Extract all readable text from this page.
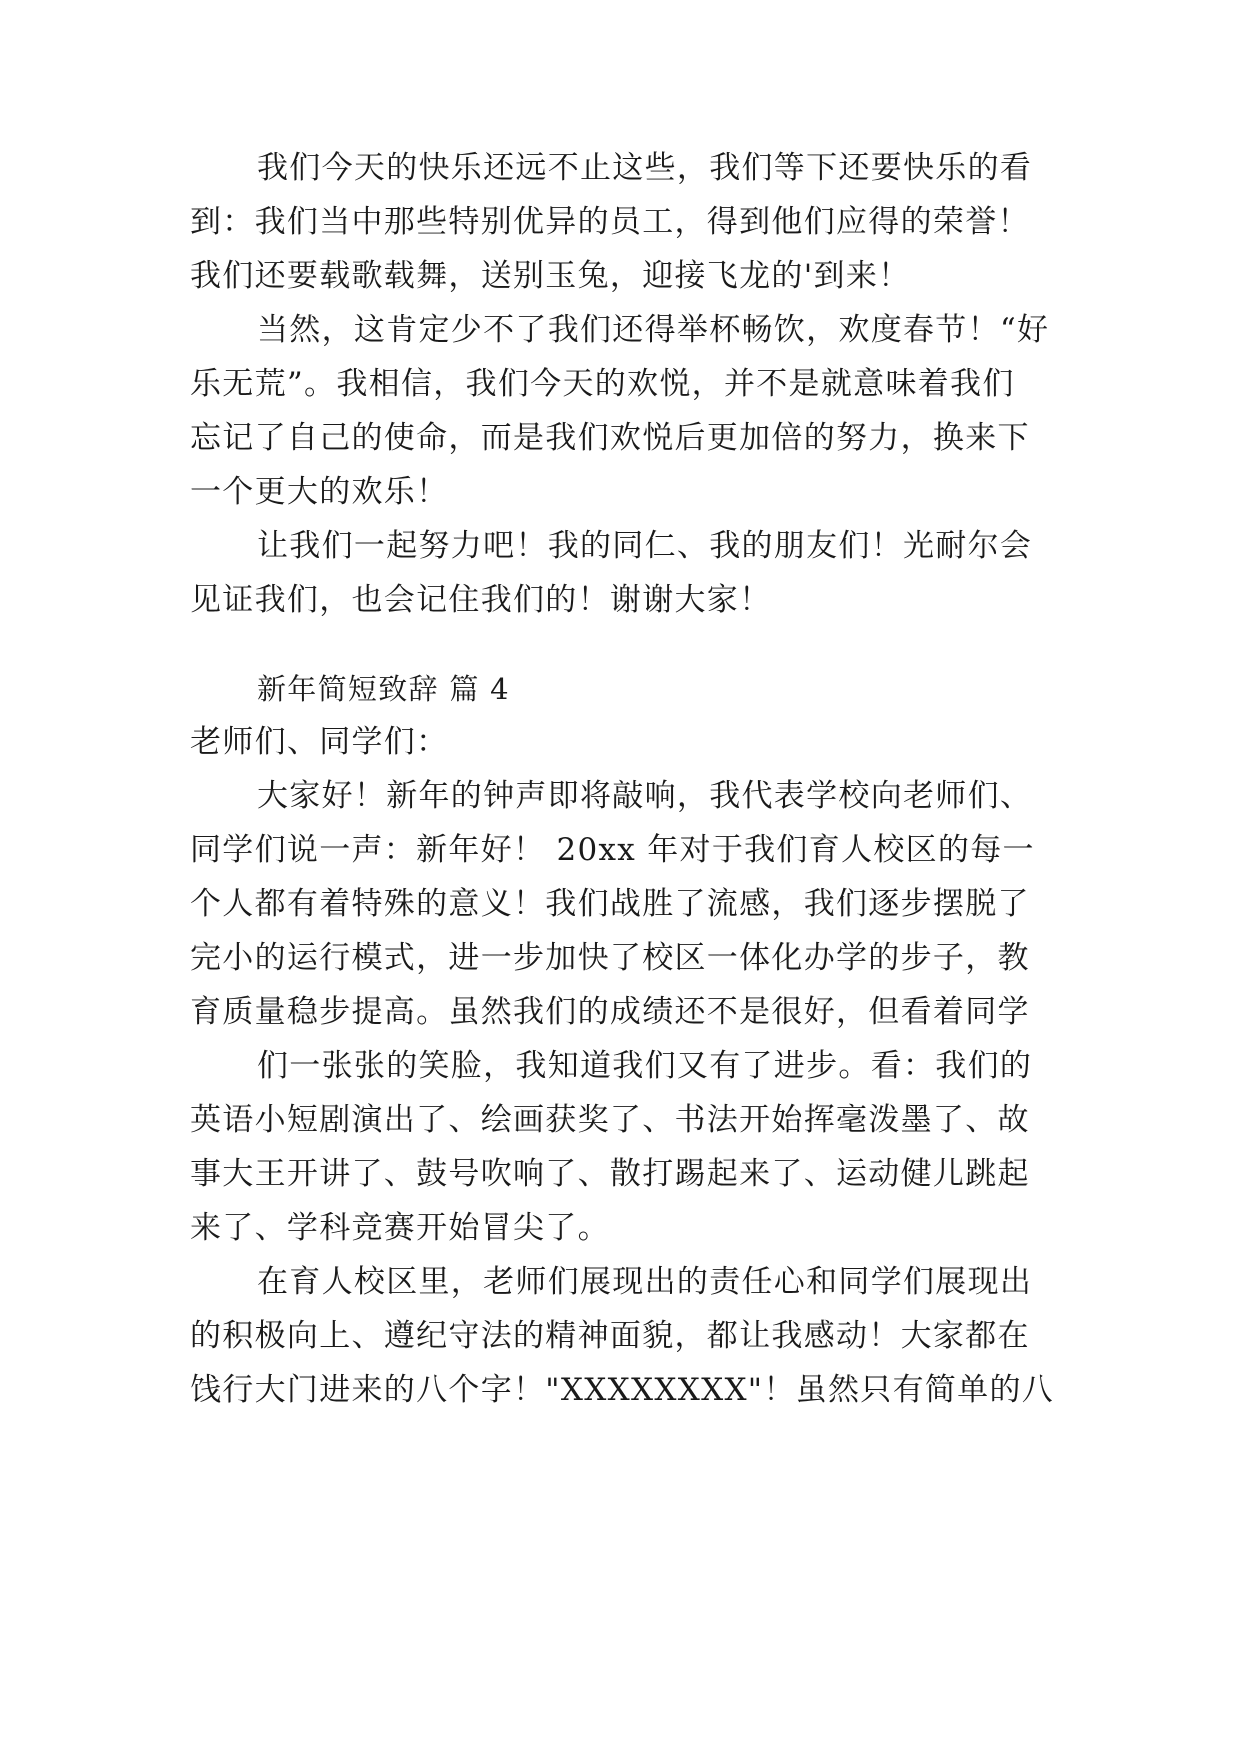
我们今天的快乐还远不止这些，我们等下还要快乐的看
到：我们当中那些特别优异的员工，得到他们应得的荣誉！
我们还要载歌载舞，送别玉兔，迎接飞龙的'到来！
当然，这肯定少不了我们还得举杯畅饮，欢度春节！“好
乐无荒”。我相信，我们今天的欢悦，并不是就意味着我们
忘记了自己的使命，而是我们欢悦后更加倍的努力，换来下
一个更大的欢乐！
让我们一起努力吧！我的同仁、我的朋友们！光耐尔会
见证我们，也会记住我们的！谢谢大家！
新年简短致辞 篇 4
老师们、同学们：
大家好！新年的钟声即将敲响，我代表学校向老师们、
同学们说一声：新年好！ 20xx 年对于我们育人校区的每一
个人都有着特殊的意义！我们战胜了流感，我们逐步摆脱了
完小的运行模式，进一步加快了校区一体化办学的步子，教
育质量稳步提高。虽然我们的成绩还不是很好，但看着同学
们一张张的笑脸，我知道我们又有了进步。看：我们的
英语小短剧演出了、绘画获奖了、书法开始挥毫泼墨了、故
事大王开讲了、鼓号吹响了、散打踢起来了、运动健儿跳起
来了、学科竞赛开始冒尖了。
在育人校区里，老师们展现出的责任心和同学们展现出
的积极向上、遵纪守法的精神面貌，都让我感动！大家都在
饯行大门进来的八个字！"XXXXXXXX"！虽然只有简单的八
